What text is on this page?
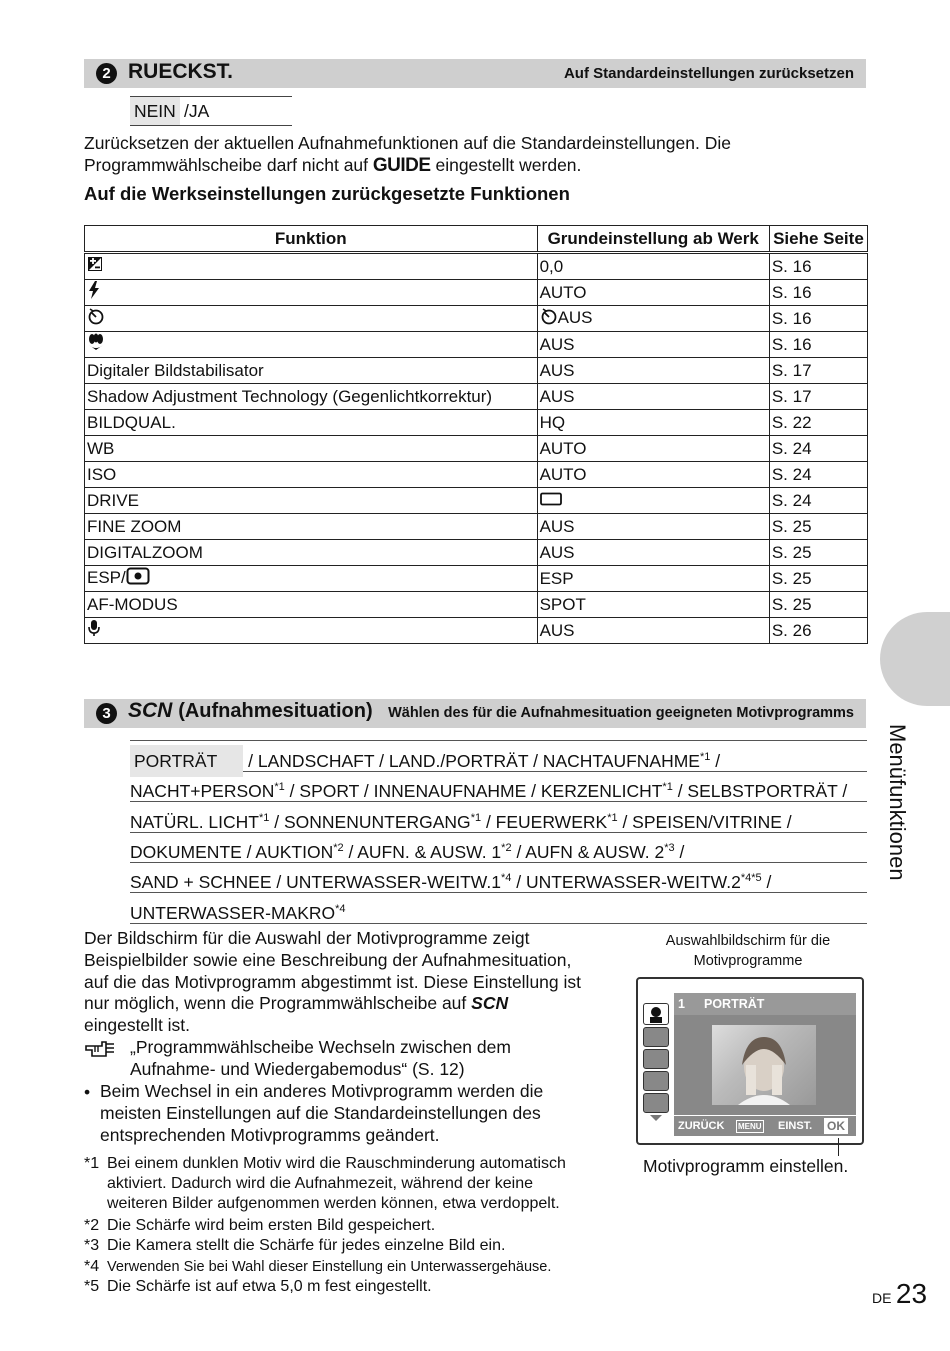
2 RUECKST.	Auf Standardeinstellungen zurücksetzen
NEIN /JA
Zurücksetzen der aktuellen Aufnahmefunktionen auf die Standardeinstellungen. Die
Programmwählscheibe darf nicht auf GUIDE eingestellt werden.
Auf die Werkseinstellungen zurückgesetzte Funktionen
Funktion	Grundeinstellung ab Werk	Siehe Seite
	0,0	S. 16
	AUTO	S. 16
	AUS	S. 16
	AUS	S. 16
Digitaler Bildstabilisator	AUS	S. 17
Shadow Adjustment Technology (Gegenlichtkorrektur)	AUS	S. 17
BILDQUAL.	HQ	S. 22
WB	AUTO	S. 24
ISO	AUTO	S. 24
DRIVE		S. 24
FINE ZOOM	AUS	S. 25
DIGITALZOOM	AUS	S. 25
ESP/	ESP	S. 25
AF-MODUS	SPOT	S. 25
	AUS	S. 26
3 SCN (Aufnahmesituation) Wählen des für die Aufnahmesituation geeigneten Motivprogramms
PORTRÄT / LANDSCHAFT / LAND./PORTRÄT / NACHTAUFNAHME$^{*1}$ /
$NACHT+PERSON^{*1}$ / SPORT / INNENAUFNAHME / KERZENLICHT$^{*1}$ / SELBSTPORTRÄT /
NATÜRL. LICHT$^{*1}$ / SONNENUNTERGANG$^{*1}$ / FEUERWERK$^{*1}$ / SPEISEN/VITRINE /
DOKUMENTE / AUKTION$^{*2}$ / AUFN. & AUSW. 1$^{*2}$ / AUFN & AUSW. 2$^{*3}$ /
SAND + SCHNEE / UNTERWASSER-WEITW.1$^{*4}$ / UNTERWASSER-$WEITW.2^{*4*5}$ /
UNTERWASSER-MAKRO$^{*4}$
Der Bildschirm für die Auswahl der Motivprogramme zeigt
Beispielbilder sowie eine Beschreibung der Aufnahmesituation,
auf die das Motivprogramm abgestimmt ist. Diese Einstellung ist
nur möglich, wenn die Programmwählscheibe auf SCN
eingestellt ist.
„Programmwählscheibe Wechseln zwischen dem
Aufnahme- und Wiedergabemodus“ (S. 12)
• Beim Wechsel in ein anderes Motivprogramm werden die
meisten Einstellungen auf die Standardeinstellungen des
entsprechenden Motivprogramms geändert.
*1 Bei einem dunklen Motiv wird die Rauschminderung automatisch
aktiviert. Dadurch wird die Aufnahmezeit, während der keine
weiteren Bilder aufgenommen werden können, etwa verdoppelt.
*2 Die Schärfe wird beim ersten Bild gespeichert.
*3 Die Kamera stellt die Schärfe für jedes einzelne Bild ein.
*4 Verwenden Sie bei Wahl dieser Einstellung ein Unterwassergehäuse.
*5 Die Schärfe ist auf etwa 5,0 m fest eingestellt.
Auswahlbildschirm für die
Motivprogramme
1 PORTRÄT
ZURÜCK MENU EINST. OK
Motivprogramm einstellen.
Menüfunktionen
DE 23
